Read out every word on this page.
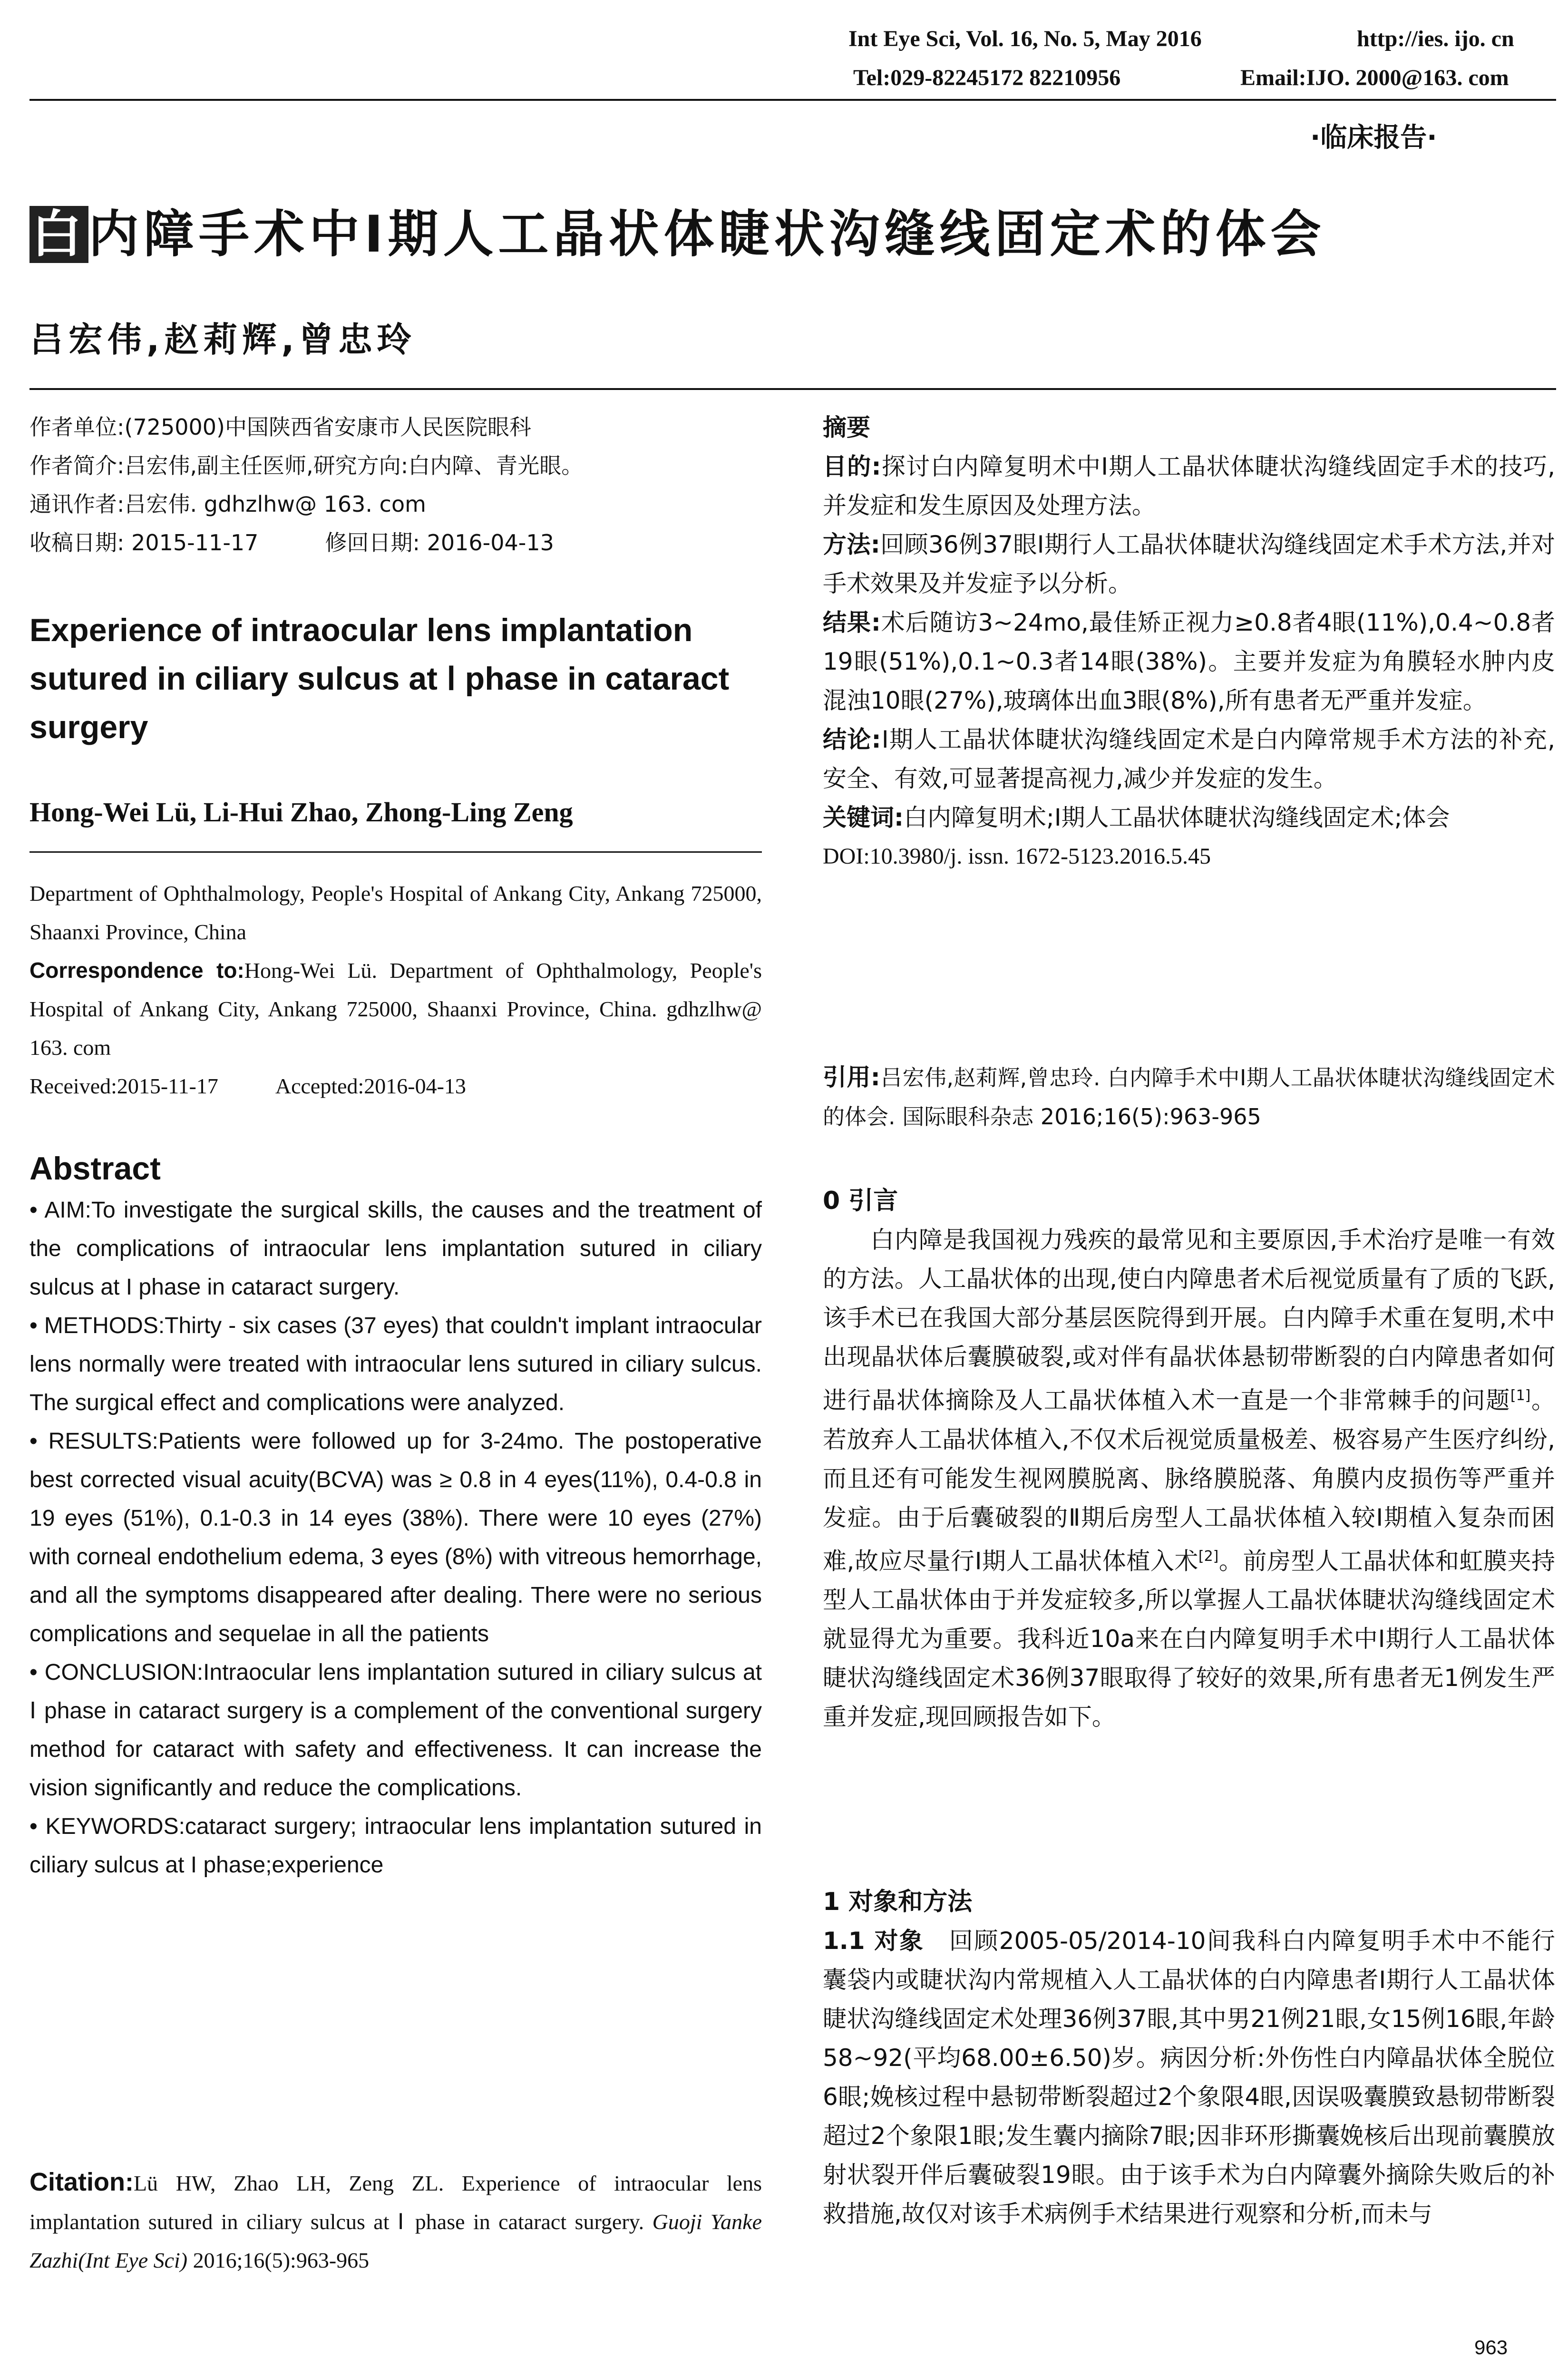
Int Eye Sci, Vol. 16, No. 5, May 2016	http://ies. ijo. cn
Tel:029-82245172 82210956	Email:IJO. 2000@163. com
·临床报告·
白内障手术中Ⅰ期人工晶状体睫状沟缝线固定术的体会
吕宏伟,赵莉辉,曾忠玲
作者单位:(725000)中国陕西省安康市人民医院眼科
作者简介:吕宏伟,副主任医师,研究方向:白内障、青光眼。
通讯作者:吕宏伟. gdhzlhw@ 163. com
收稿日期: 2015-11-17	修回日期: 2016-04-13
Experience of intraocular lens implantation sutured in ciliary sulcus at Ⅰ phase in cataract surgery
Hong-Wei Lü, Li-Hui Zhao, Zhong-Ling Zeng

Department of Ophthalmology, People's Hospital of Ankang City, Ankang 725000, Shaanxi Province, China

Correspondence to:Hong-Wei Lü. Department of Ophthalmology, People's Hospital of Ankang City, Ankang 725000, Shaanxi Province, China. gdhzlhw@ 163. com

Received:2015-11-17	Accepted:2016-04-13

Abstract

• AIM:To investigate the surgical skills, the causes and the treatment of the complications of intraocular lens implantation sutured in ciliary sulcus at I phase in cataract surgery.

• METHODS:Thirty - six cases (37 eyes) that couldn't implant intraocular lens normally were treated with intraocular lens sutured in ciliary sulcus. The surgical effect and complications were analyzed.

• RESULTS:Patients were followed up for 3-24mo. The postoperative best corrected visual acuity(BCVA) was ≥ 0.8 in 4 eyes(11%), 0.4-0.8 in 19 eyes (51%), 0.1-0.3 in 14 eyes (38%). There were 10 eyes (27%) with corneal endothelium edema, 3 eyes (8%) with vitreous hemorrhage, and all the symptoms disappeared after dealing. There were no serious complications and sequelae in all the patients

• CONCLUSION:Intraocular lens implantation sutured in ciliary sulcus at Ⅰ phase in cataract surgery is a complement of the conventional surgery method for cataract with safety and effectiveness. It can increase the vision significantly and reduce the complications.

• KEYWORDS:cataract surgery; intraocular lens implantation sutured in ciliary sulcus at I phase;experience

Citation:Lü HW, Zhao LH, Zeng ZL. Experience of intraocular lens implantation sutured in ciliary sulcus at Ⅰ phase in cataract surgery. Guoji Yanke Zazhi(Int Eye Sci) 2016;16(5):963-965

摘要

目的:探讨白内障复明术中Ⅰ期人工晶状体睫状沟缝线固定手术的技巧,并发症和发生原因及处理方法。

方法:回顾36例37眼Ⅰ期行人工晶状体睫状沟缝线固定术手术方法,并对手术效果及并发症予以分析。

结果:术后随访3~24mo,最佳矫正视力≥0.8者4眼(11%),0.4~0.8者19眼(51%),0.1~0.3者14眼(38%)。主要并发症为角膜轻水肿内皮混浊10眼(27%),玻璃体出血3眼(8%),所有患者无严重并发症。

结论:Ⅰ期人工晶状体睫状沟缝线固定术是白内障常规手术方法的补充,安全、有效,可显著提高视力,减少并发症的发生。

关键词:白内障复明术;Ⅰ期人工晶状体睫状沟缝线固定术;体会

DOI:10.3980/j. issn. 1672-5123.2016.5.45

引用:吕宏伟,赵莉辉,曾忠玲. 白内障手术中Ⅰ期人工晶状体睫状沟缝线固定术的体会. 国际眼科杂志 2016;16(5):963-965
0 引言
白内障是我国视力残疾的最常见和主要原因,手术治疗是唯一有效的方法。人工晶状体的出现,使白内障患者术后视觉质量有了质的飞跃,该手术已在我国大部分基层医院得到开展。白内障手术重在复明,术中出现晶状体后囊膜破裂,或对伴有晶状体悬韧带断裂的白内障患者如何进行晶状体摘除及人工晶状体植入术一直是一个非常棘手的问题[1]。若放弃人工晶状体植入,不仅术后视觉质量极差、极容易产生医疗纠纷,而且还有可能发生视网膜脱离、脉络膜脱落、角膜内皮损伤等严重并发症。由于后囊破裂的Ⅱ期后房型人工晶状体植入较Ⅰ期植入复杂而困难,故应尽量行Ⅰ期人工晶状体植入术[2]。前房型人工晶状体和虹膜夹持型人工晶状体由于并发症较多,所以掌握人工晶状体睫状沟缝线固定术就显得尤为重要。我科近10a来在白内障复明手术中Ⅰ期行人工晶状体睫状沟缝线固定术36例37眼取得了较好的效果,所有患者无1例发生严重并发症,现回顾报告如下。
1 对象和方法
1.1 对象 回顾2005-05/2014-10间我科白内障复明手术中不能行囊袋内或睫状沟内常规植入人工晶状体的白内障患者Ⅰ期行人工晶状体睫状沟缝线固定术处理36例37眼,其中男21例21眼,女15例16眼,年龄58~92(平均68.00±6.50)岁。病因分析:外伤性白内障晶状体全脱位6眼;娩核过程中悬韧带断裂超过2个象限4眼,因误吸囊膜致悬韧带断裂超过2个象限1眼;发生囊内摘除7眼;因非环形撕囊娩核后出现前囊膜放射状裂开伴后囊破裂19眼。由于该手术为白内障囊外摘除失败后的补救措施,故仅对该手术病例手术结果进行观察和分析,而未与
963
